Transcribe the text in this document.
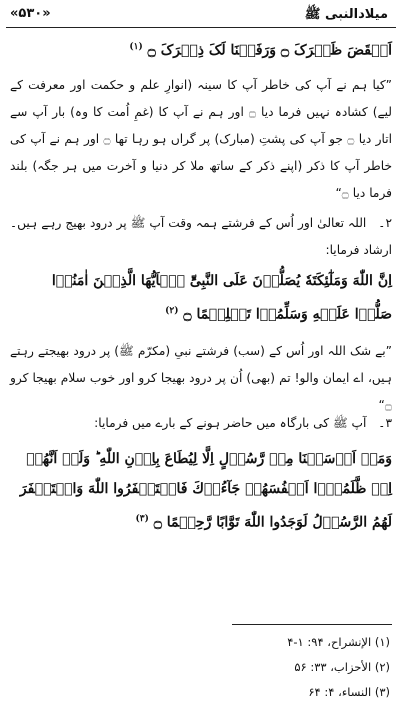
میلادالنبی ﷺ
«۵۳۰»
اَنۡقَضَ ظَہۡرَکَ ۝ وَرَفَعۡنَا لَکَ ذِکۡرَکَ ۝ $^{(۱)}$
”کیا ہم نے آپ کی خاطر آپ کا سینہ (انوارِ علم و حکمت اور معرفت کے لیے) کشادہ نہیں فرما دیا ۝ اور ہم نے آپ کا (غمِ اُمت کا وہ) بار آپ سے اتار دیا ۝ جو آپ کی پشتِ (مبارک) پر گراں ہو رہا تھا ۝ اور ہم نے آپ کی خاطر آپ کا ذکر (اپنے ذکر کے ساتھ ملا کر دنیا و آخرت میں ہر جگہ) بلند فرما دیا ۝“
۲۔ اللہ تعالیٰ اور اُس کے فرشتے ہمہ وقت آپ ﷺ پر درود بھیج رہے ہیں۔ ارشاد فرمایا:
اِنَّ اللّٰهَ وَمَلٰٓئِكَتَهٗ يُصَلُّوۡنَ عَلَى النَّبِىِّ‌ؕ يٰۤاَيُّهَا الَّذِيۡنَ اٰمَنُوۡا صَلُّوۡا عَلَيۡهِ وَسَلِّمُوۡا تَسۡلِيۡمًا ۝ $^{(۲)}$
”بے شک اللہ اور اُس کے (سب) فرشتے نبیِ (مکرّم ﷺ) پر درود بھیجتے رہتے ہیں، اے ایمان والو! تم (بھی) اُن پر درود بھیجا کرو اور خوب سلام بھیجا کرو ۝“
۳۔ آپ ﷺ کی بارگاہ میں حاضر ہونے کے بارے میں فرمایا:
وَمَاۤ اَرۡسَلۡنَا مِنۡ رَّسُوۡلٍ اِلَّا لِيُطَاعَ بِاِذۡنِ اللّٰهِ‌ ؕ وَلَوۡ اَنَّهُمۡ اِذۡ ظَّلَمُوۡۤا اَنۡفُسَهُمۡ جَآءُوۡكَ فَاسۡتَغۡفَرُوا اللّٰهَ وَاسۡتَغۡفَرَ لَهُمُ الرَّسُوۡلُ لَوَجَدُوا اللّٰهَ تَوَّابًا رَّحِيۡمًا ۝ $^{(۳)}$
(۱) الإنشراح، ۹۴: ۱-۴
(۲) الأحزاب، ۳۳: ۵۶
(۳) النساء، ۴: ۶۴
